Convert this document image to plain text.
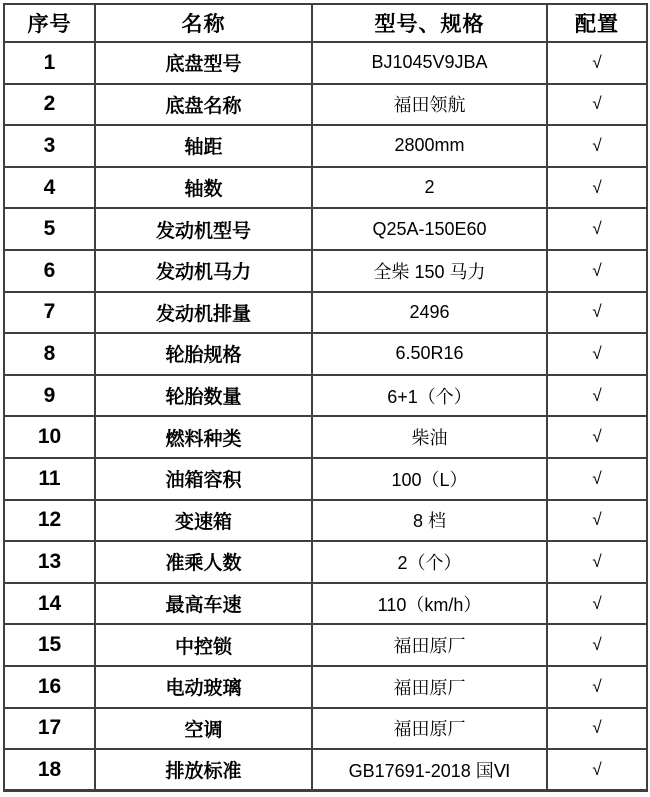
序号	名称	型号、规格	配置
1	底盘型号	BJ1045V9JBA	√
2	底盘名称	福田领航	√
3	轴距	2800mm	√
4	轴数	2	√
5	发动机型号	Q25A-150E60	√
6	发动机马力	全柴 150 马力	√
7	发动机排量	2496	√
8	轮胎规格	6.50R16	√
9	轮胎数量	6+1（个）	√
10	燃料种类	柴油	√
11	油箱容积	100（L）	√
12	变速箱	8 档	√
13	准乘人数	2（个）	√
14	最高车速	110（km/h）	√
15	中控锁	福田原厂	√
16	电动玻璃	福田原厂	√
17	空调	福田原厂	√
18	排放标准	GB17691-2018 国Ⅵ	√
